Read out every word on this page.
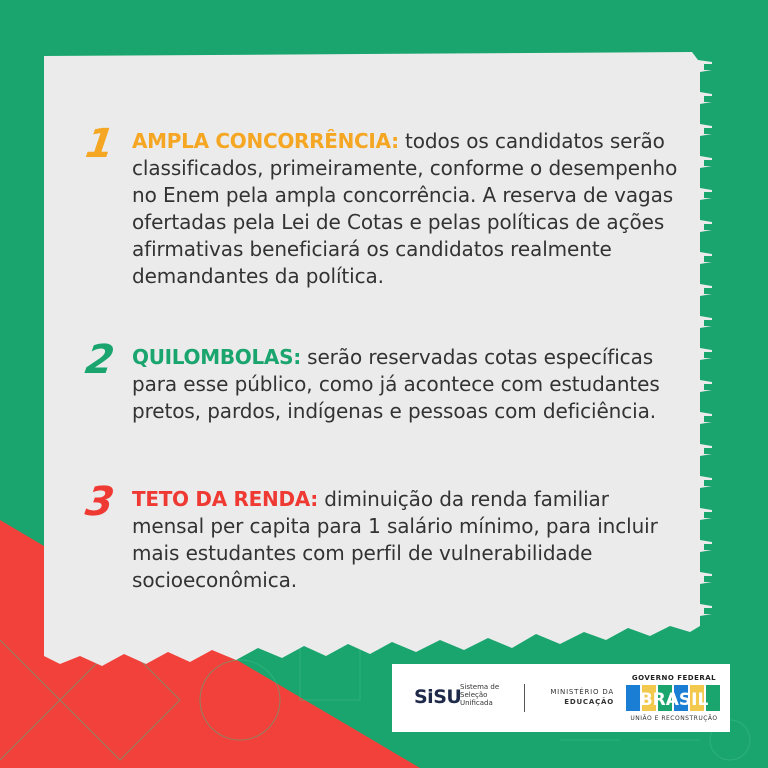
1 AMPLA CONCORRÊNCIA: todos os candidatos serão classificados, primeiramente, conforme o desempenho no Enem pela ampla concorrência. A reserva de vagas ofertadas pela Lei de Cotas e pelas políticas de ações afirmativas beneficiará os candidatos realmente demandantes da política.
2 QUILOMBOLAS: serão reservadas cotas específicas para esse público, como já acontece com estudantes pretos, pardos, indígenas e pessoas com deficiência.
3 TETO DA RENDA: diminuição da renda familiar mensal per capita para 1 salário mínimo, para incluir mais estudantes com perfil de vulnerabilidade socioeconômica.
SiSU
Sistema de Seleção Unificada
MINISTÉRIO DA
EDUCAÇÃO
GOVERNO FEDERAL
BRASIL
UNIÃO E RECONSTRUÇÃO
